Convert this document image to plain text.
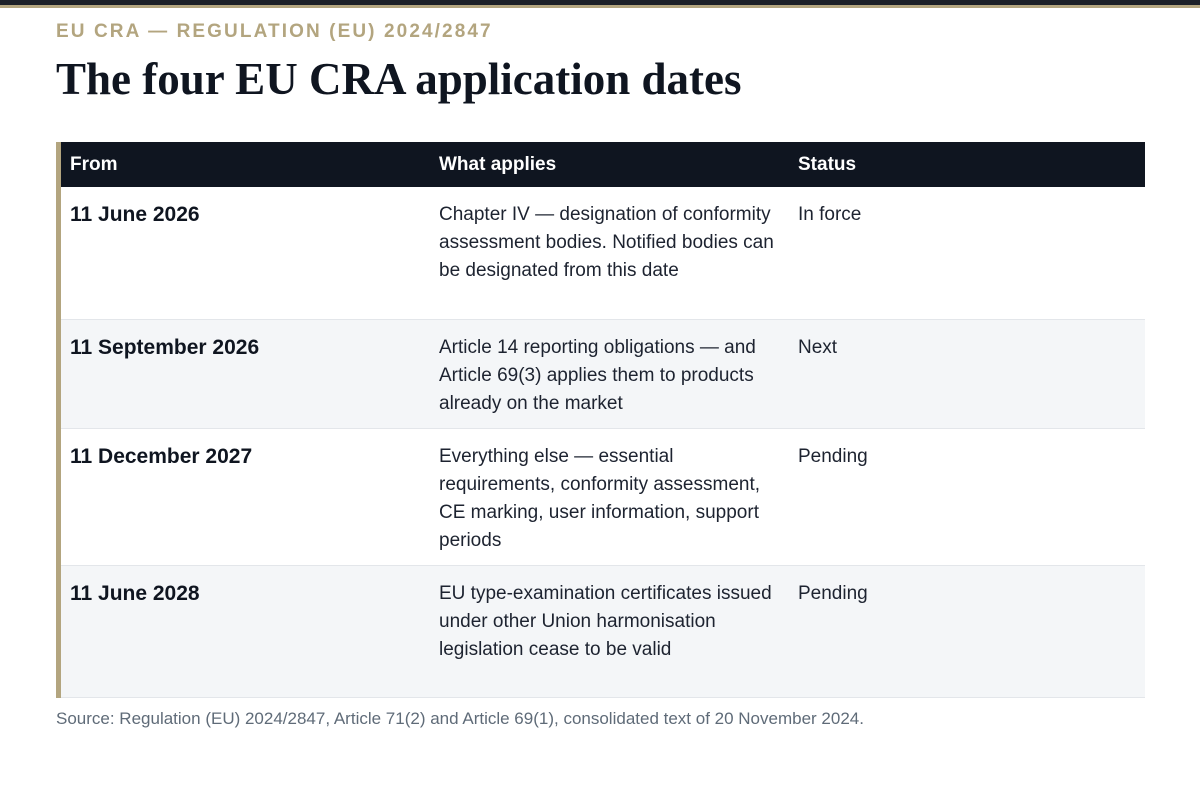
EU CRA — REGULATION (EU) 2024/2847

The four EU CRA application dates
From	What applies	Status
11 June 2026	Chapter IV — designation of conformity assessment bodies. Notified bodies can be designated from this date	In force
11 September 2026	Article 14 reporting obligations — and Article 69(3) applies them to products already on the market	Next
11 December 2027	Everything else — essential requirements, conformity assessment, CE marking, user information, support periods	Pending
11 June 2028	EU type-examination certificates issued under other Union harmonisation legislation cease to be valid	Pending

Source: Regulation (EU) 2024/2847, Article 71(2) and Article 69(1), consolidated text of 20 November 2024.
